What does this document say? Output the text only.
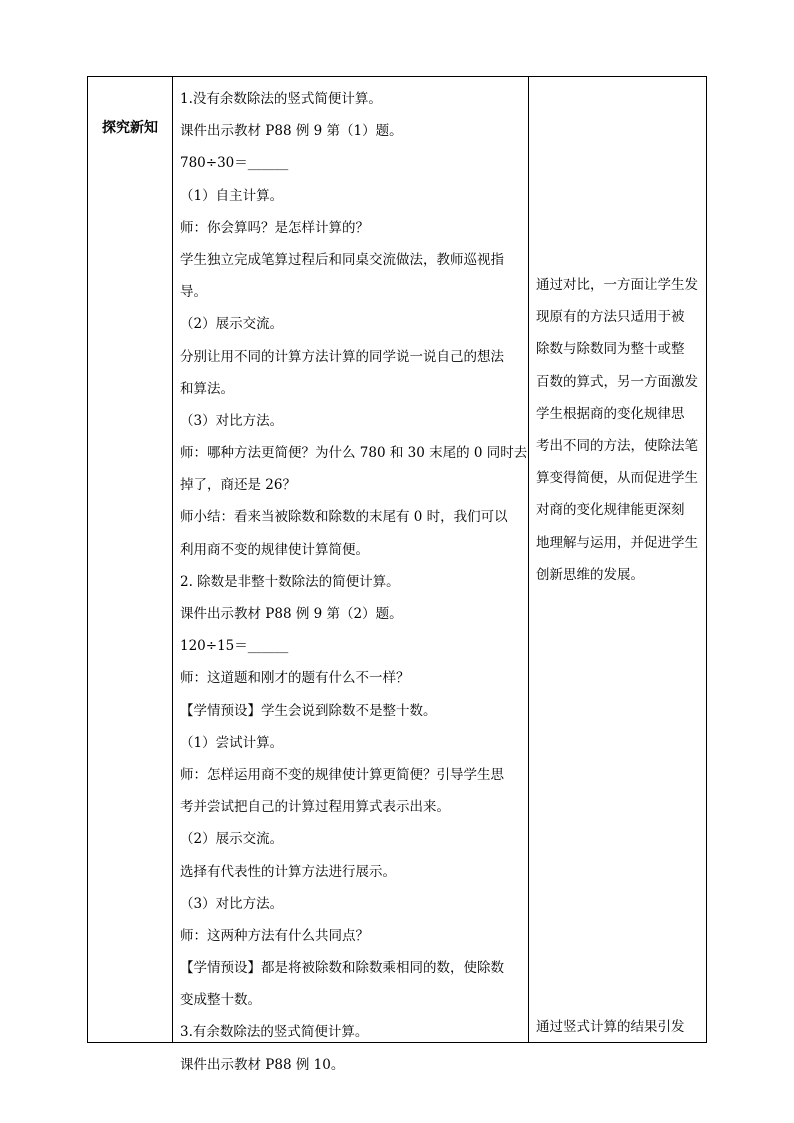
探究新知
1.没有余数除法的竖式简便计算。
课件出示教材 P88 例 9 第（1）题。
780÷30＝______
（1）自主计算。
师：你会算吗？是怎样计算的？
学生独立完成笔算过程后和同桌交流做法，教师巡视指
导。
（2）展示交流。
分别让用不同的计算方法计算的同学说一说自己的想法
和算法。
（3）对比方法。
师：哪种方法更简便？为什么 780 和 30 末尾的 0 同时去
掉了，商还是 26？
师小结：看来当被除数和除数的末尾有 0 时，我们可以
利用商不变的规律使计算简便。
2. 除数是非整十数除法的简便计算。
课件出示教材 P88 例 9 第（2）题。
120÷15＝______
师：这道题和刚才的题有什么不一样？
【学情预设】学生会说到除数不是整十数。
（1）尝试计算。
师：怎样运用商不变的规律使计算更简便？引导学生思
考并尝试把自己的计算过程用算式表示出来。
（2）展示交流。
选择有代表性的计算方法进行展示。
（3）对比方法。
师：这两种方法有什么共同点？
【学情预设】都是将被除数和除数乘相同的数，使除数
变成整十数。
3.有余数除法的竖式简便计算。
课件出示教材 P88 例 10。
通过对比，一方面让学生发
现原有的方法只适用于被
除数与除数同为整十或整
百数的算式，另一方面激发
学生根据商的变化规律思
考出不同的方法，使除法笔
算变得简便，从而促进学生
对商的变化规律能更深刻
地理解与运用，并促进学生
创新思维的发展。
通过竖式计算的结果引发
